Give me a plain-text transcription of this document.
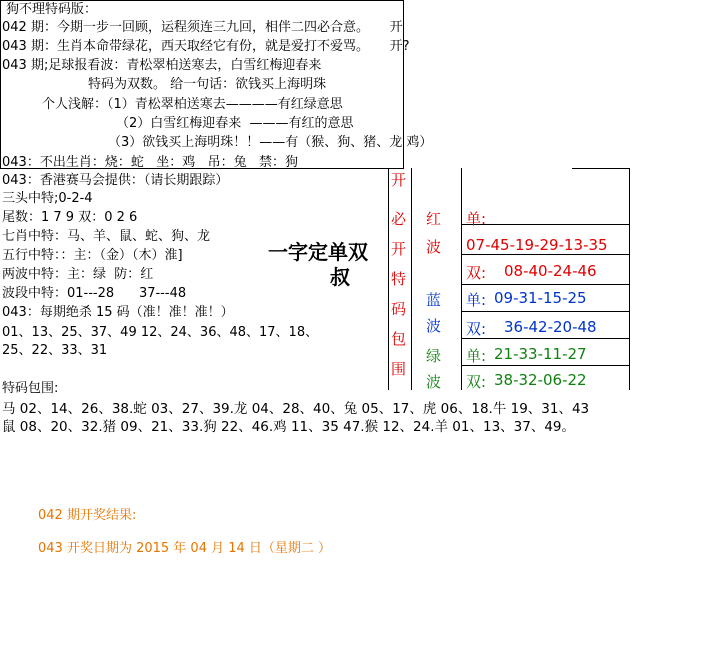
狗不理特码版：
042 期：今期一步一回顾，运程须连三九回，相伴二四必合意。     开
043 期：生肖本命带绿花，西天取经它有份，就是爱打不爱骂。     开?
043 期;足球报看波：青松翠柏送寒去，白雪红梅迎春来
特码为双数。 给一句话：欲钱买上海明珠
个人浅解：（1）青松翠柏送寒去————有红绿意思
（2）白雪红梅迎春来  ———有红的意思
（3）欲钱买上海明珠！！——有（猴、狗、猪、龙 鸡）
043：不出生肖：烧：蛇   坐：鸡   吊：兔   禁：狗
043：香港赛马会提供：（请长期跟踪）
三头中特;0-2-4
尾数：1 7 9 双：0 2 6
七肖中特：马、羊、鼠、蛇、狗、龙
五行中特：：主：（金）（木）淮]
两波中特：主：绿  防：红
波段中特：01---28      37---48
043：每期绝杀 15 码（准！准！准！）
01、13、25、37、49 12、24、36、48、17、18、
25、22、33、31
一字定单双
叔
开
必
开
特
码
包
围
红
波
单:
07-45-19-29-13-35
双: 08-40-24-46
蓝
波
单: 09-31-15-25
双: 36-42-20-48
绿
波
单: 21-33-11-27
双: 38-32-06-22
特码包围:
马 02、14、26、38.蛇 03、27、39.龙 04、28、40、兔 05、17、虎 06、18.牛 19、31、43
鼠 08、20、32.猪 09、21、33.狗 22、46.鸡 11、35 47.猴 12、24.羊 01、13、37、49。
042 期开奖结果:
043 开奖日期为 2015 年 04 月 14 日（星期二 ）
